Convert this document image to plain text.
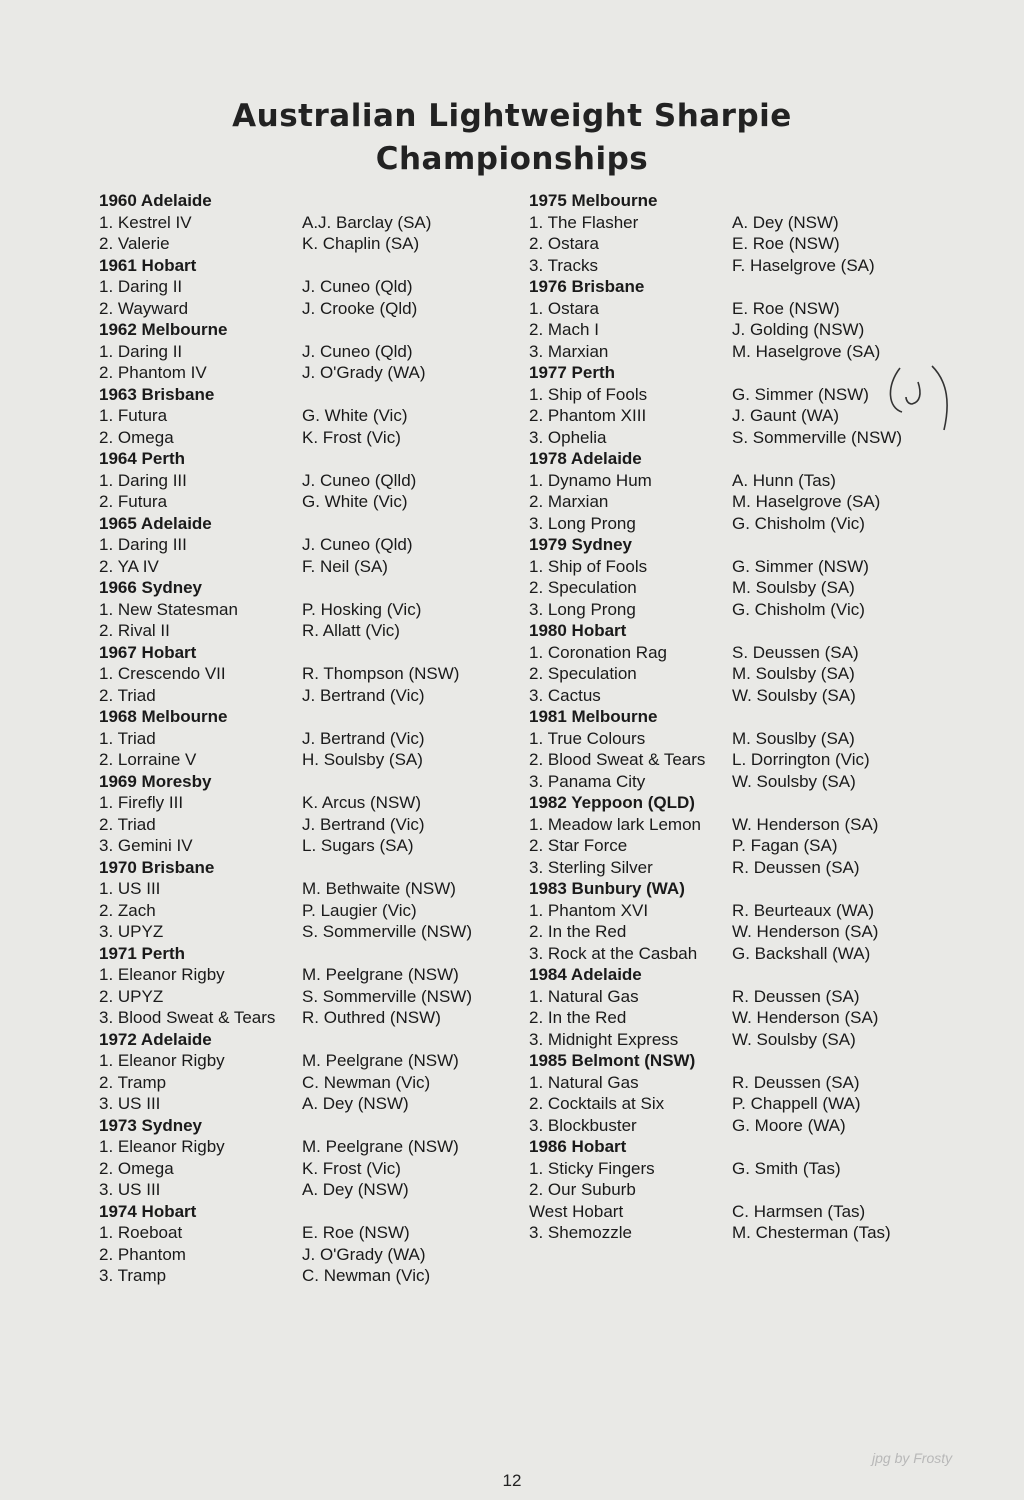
Australian Lightweight Sharpie
Championships
1960 Adelaide
1. Kestrel IV	A.J. Barclay (SA)
2. Valerie	K. Chaplin (SA)
1961 Hobart
1. Daring II	J. Cuneo (Qld)
2. Wayward	J. Crooke (Qld)
1962 Melbourne
1. Daring II	J. Cuneo (Qld)
2. Phantom IV	J. O'Grady (WA)
1963 Brisbane
1. Futura	G. White (Vic)
2. Omega	K. Frost (Vic)
1964 Perth
1. Daring III	J. Cuneo (Qlld)
2. Futura	G. White (Vic)
1965 Adelaide
1. Daring III	J. Cuneo (Qld)
2. YA IV	F. Neil (SA)
1966 Sydney
1. New Statesman	P. Hosking (Vic)
2. Rival II	R. Allatt (Vic)
1967 Hobart
1. Crescendo VII	R. Thompson (NSW)
2. Triad	J. Bertrand (Vic)
1968 Melbourne
1. Triad	J. Bertrand (Vic)
2. Lorraine V	H. Soulsby (SA)
1969 Moresby
1. Firefly III	K. Arcus (NSW)
2. Triad	J. Bertrand (Vic)
3. Gemini IV	L. Sugars (SA)
1970 Brisbane
1. US III	M. Bethwaite (NSW)
2. Zach	P. Laugier (Vic)
3. UPYZ	S. Sommerville (NSW)
1971 Perth
1. Eleanor Rigby	M. Peelgrane (NSW)
2. UPYZ	S. Sommerville (NSW)
3. Blood Sweat & Tears R. Outhred (NSW)
1972 Adelaide
1. Eleanor Rigby	M. Peelgrane (NSW)
2. Tramp	C. Newman (Vic)
3. US III	A. Dey (NSW)
1973 Sydney
1. Eleanor Rigby	M. Peelgrane (NSW)
2. Omega	K. Frost (Vic)
3. US III	A. Dey (NSW)
1974 Hobart
1. Roeboat	E. Roe (NSW)
2. Phantom	J. O'Grady (WA)
3. Tramp	C. Newman (Vic)
1975 Melbourne
1. The Flasher	A. Dey (NSW)
2. Ostara	E. Roe (NSW)
3. Tracks	F. Haselgrove (SA)
1976 Brisbane
1. Ostara	E. Roe (NSW)
2. Mach I	J. Golding (NSW)
3. Marxian	M. Haselgrove (SA)
1977 Perth
1. Ship of Fools	G. Simmer (NSW)
2. Phantom XIII	J. Gaunt (WA)
3. Ophelia	S. Sommerville (NSW)
1978 Adelaide
1. Dynamo Hum	A. Hunn (Tas)
2. Marxian	M. Haselgrove (SA)
3. Long Prong	G. Chisholm (Vic)
1979 Sydney
1. Ship of Fools	G. Simmer (NSW)
2. Speculation	M. Soulsby (SA)
3. Long Prong	G. Chisholm (Vic)
1980 Hobart
1. Coronation Rag	S. Deussen (SA)
2. Speculation	M. Soulsby (SA)
3. Cactus	W. Soulsby (SA)
1981 Melbourne
1. True Colours	M. Souslby (SA)
2. Blood Sweat & Tears L. Dorrington (Vic)
3. Panama City	W. Soulsby (SA)
1982 Yeppoon (QLD)
1. Meadow lark Lemon W. Henderson (SA)
2. Star Force	P. Fagan (SA)
3. Sterling Silver	R. Deussen (SA)
1983 Bunbury (WA)
1. Phantom XVI	R. Beurteaux (WA)
2. In the Red	W. Henderson (SA)
3. Rock at the Casbah G. Backshall (WA)
1984 Adelaide
1. Natural Gas	R. Deussen (SA)
2. In the Red	W. Henderson (SA)
3. Midnight Express	W. Soulsby (SA)
1985 Belmont (NSW)
1. Natural Gas	R. Deussen (SA)
2. Cocktails at Six	P. Chappell (WA)
3. Blockbuster	G. Moore (WA)
1986 Hobart
1. Sticky Fingers	G. Smith (Tas)
2. Our Suburb
West Hobart	C. Harmsen (Tas)
3. Shemozzle	M. Chesterman (Tas)
12
jpg by Frosty
